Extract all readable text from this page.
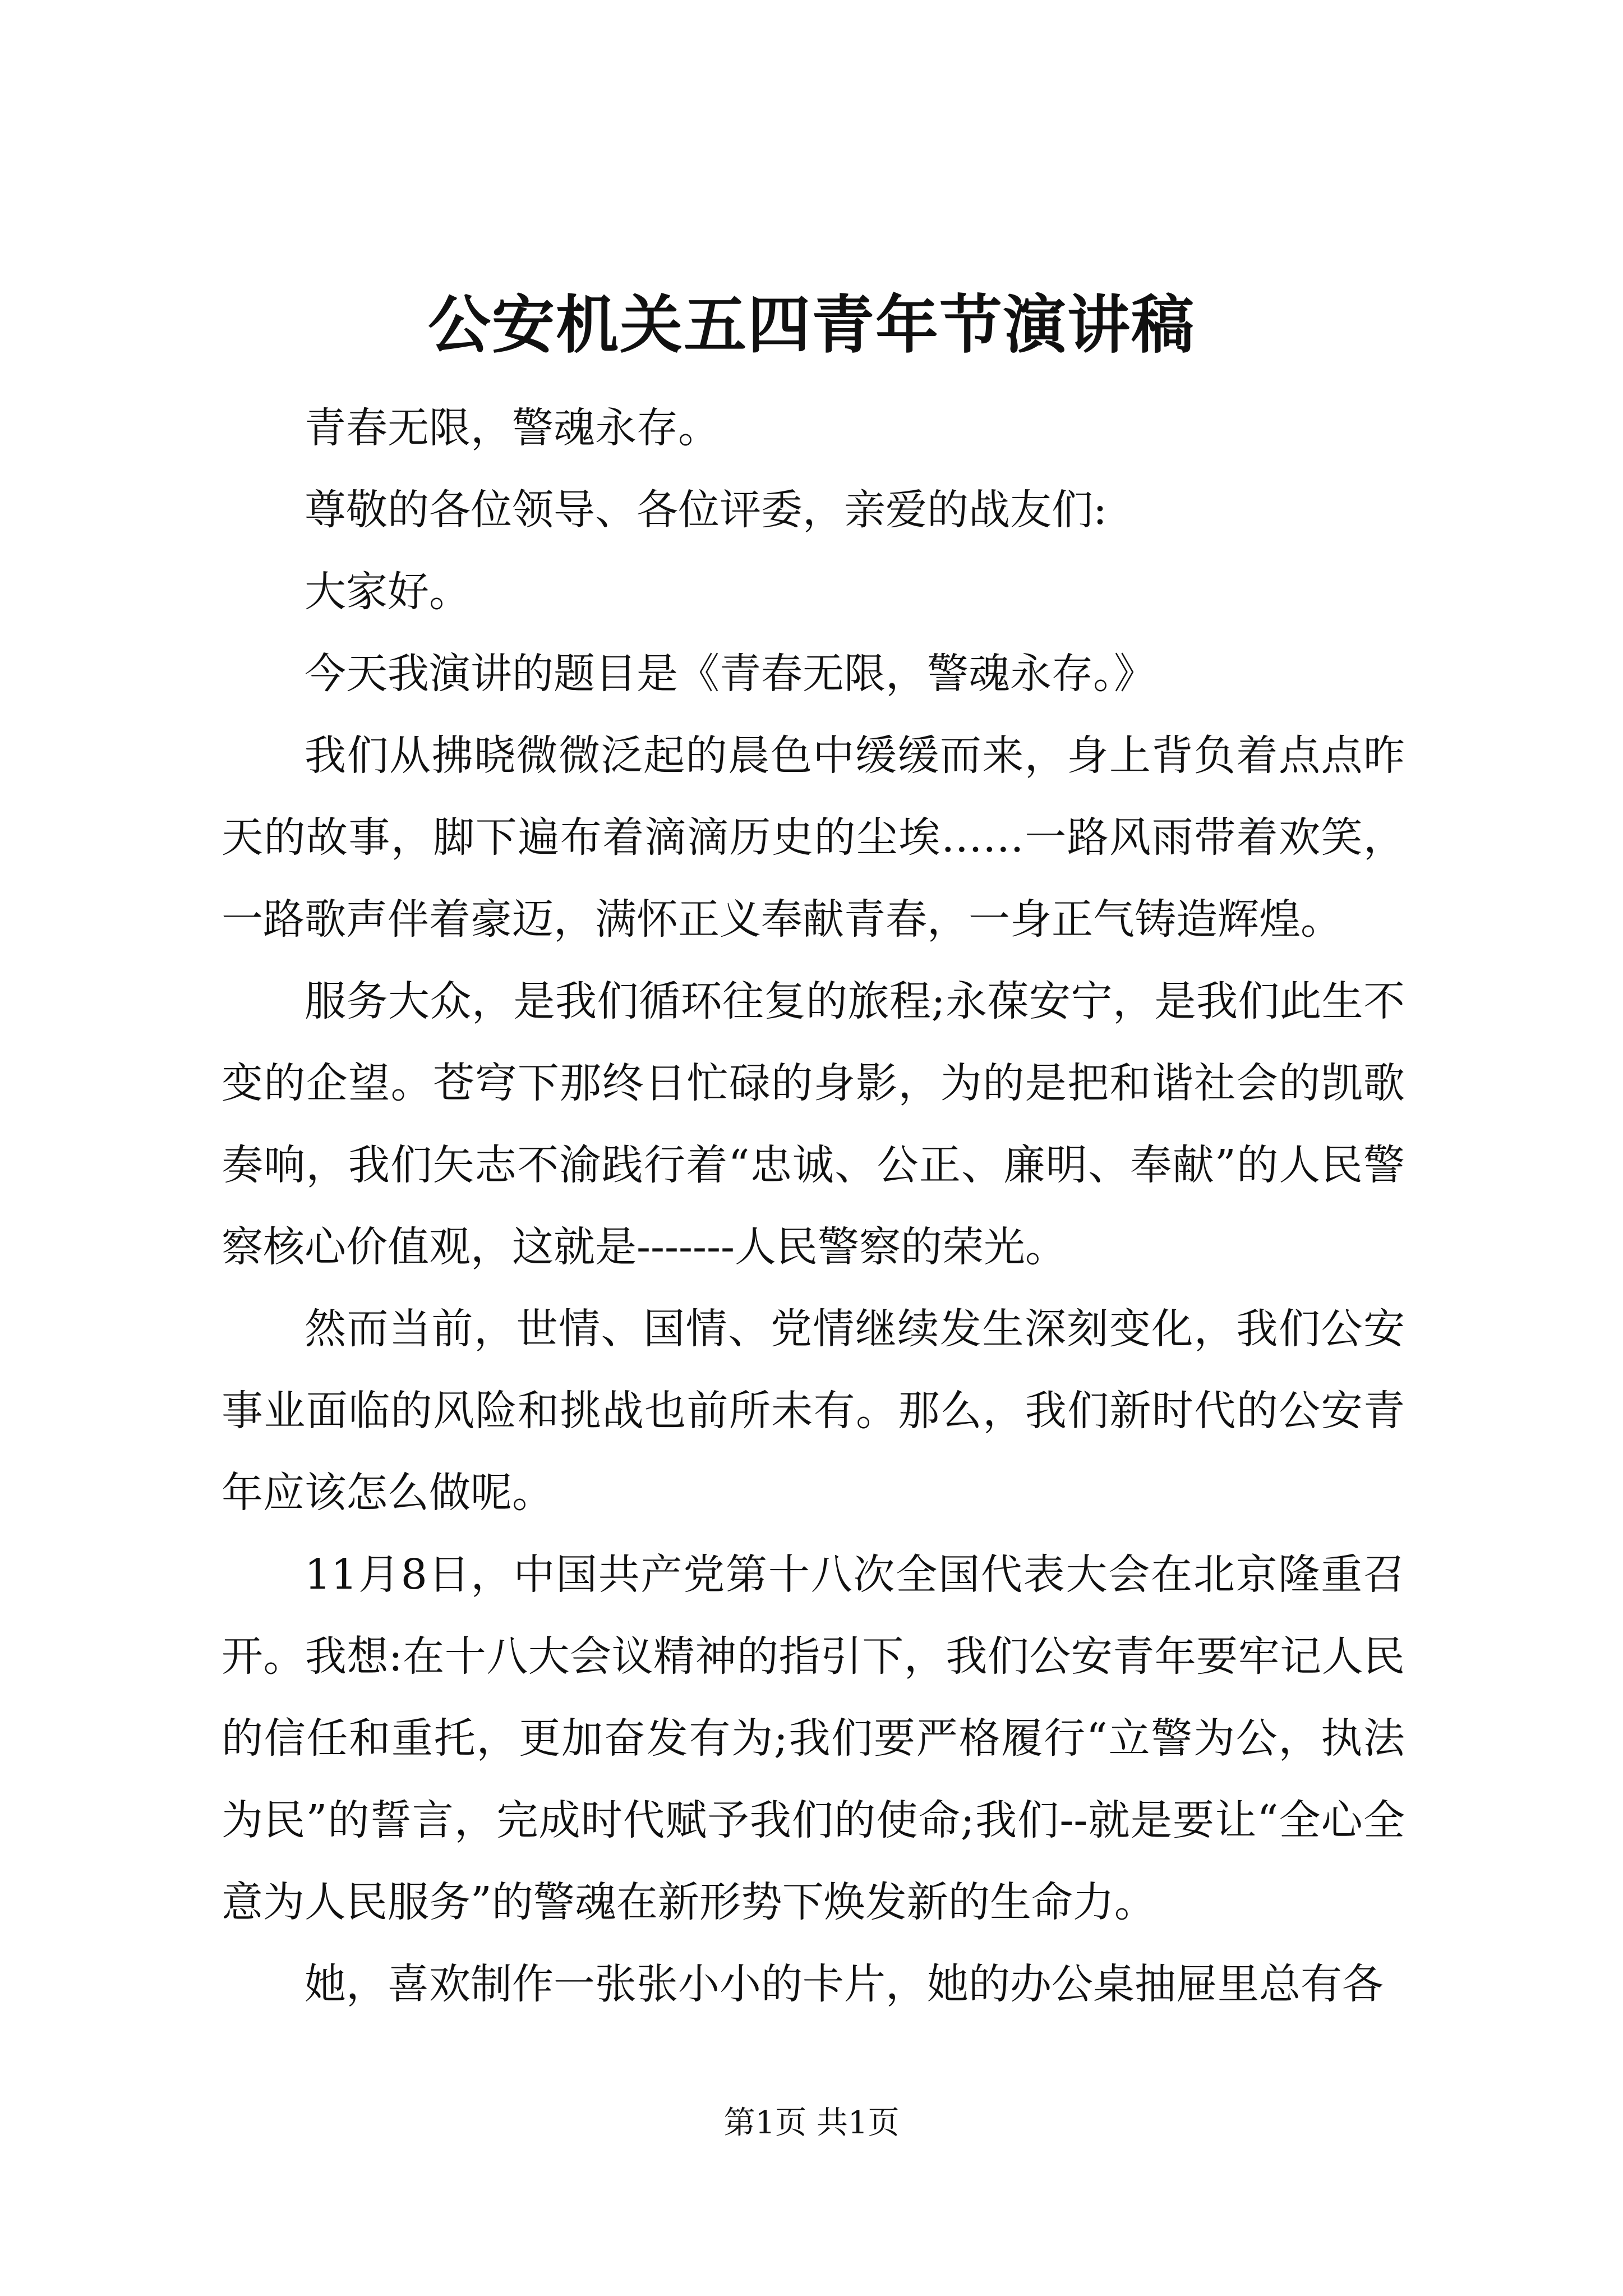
公安机关五四青年节演讲稿

青春无限，警魂永存。

尊敬的各位领导、各位评委，亲爱的战友们:

大家好。

今天我演讲的题目是《青春无限，警魂永存。》

我们从拂晓微微泛起的晨色中缓缓而来，身上背负着点点昨天的故事，脚下遍布着滴滴历史的尘埃……一路风雨带着欢笑，一路歌声伴着豪迈，满怀正义奉献青春，一身正气铸造辉煌。

服务大众，是我们循环往复的旅程;永葆安宁，是我们此生不变的企望。苍穹下那终日忙碌的身影，为的是把和谐社会的凯歌奏响，我们矢志不渝践行着“忠诚、公正、廉明、奉献”的人民警察核心价值观，这就是-------人民警察的荣光。

然而当前，世情、国情、党情继续发生深刻变化，我们公安事业面临的风险和挑战也前所未有。那么，我们新时代的公安青年应该怎么做呢。

11月8日，中国共产党第十八次全国代表大会在北京隆重召开。我想:在十八大会议精神的指引下，我们公安青年要牢记人民的信任和重托，更加奋发有为;我们要严格履行“立警为公，执法为民”的誓言，完成时代赋予我们的使命;我们--就是要让“全心全意为人民服务”的警魂在新形势下焕发新的生命力。

她，喜欢制作一张张小小的卡片，她的办公桌抽屉里总有各

第1页 共1页
